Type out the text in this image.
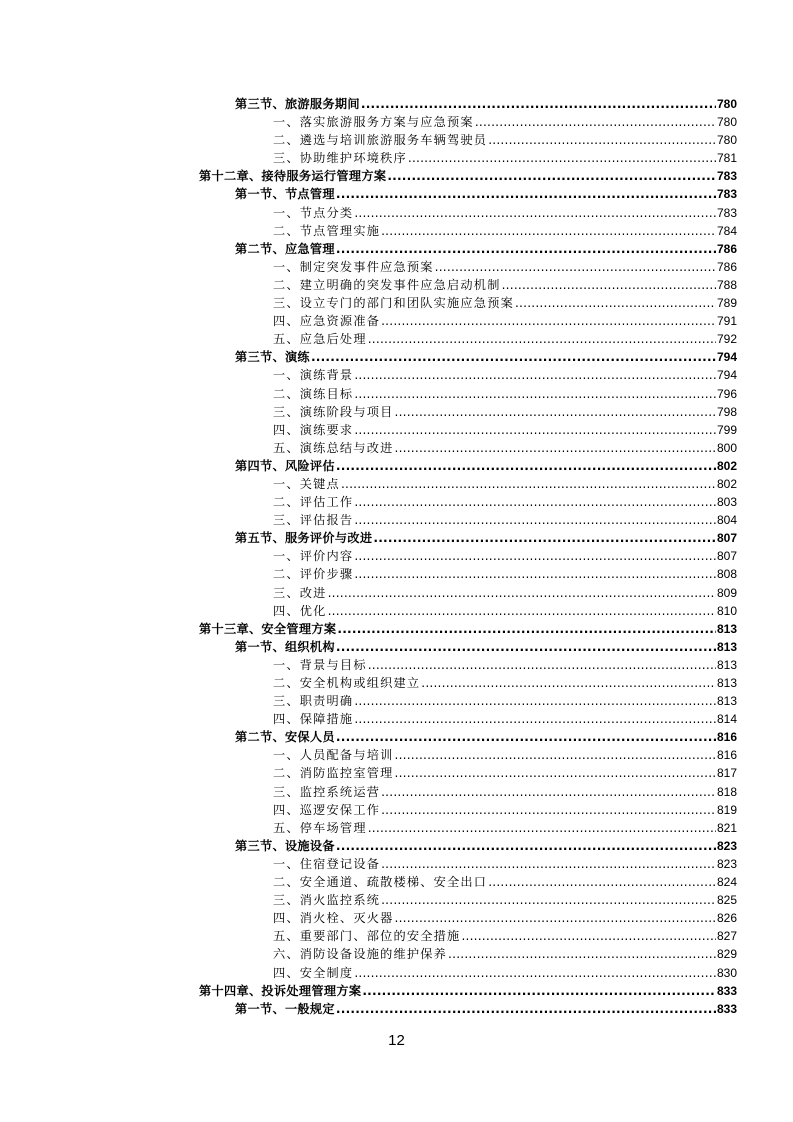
第三节、旅游服务期间 .....	780
一、落实旅游服务方案与应急预案 .....	780
二、遴选与培训旅游服务车辆驾驶员 .....	780
三、协助维护环境秩序 .....	781
第十二章、接待服务运行管理方案 .....	783
第一节、节点管理 .....	783
一、节点分类 .....	783
二、节点管理实施 .....	784
第二节、应急管理 .....	786
一、制定突发事件应急预案 .....	786
二、建立明确的突发事件应急启动机制 .....	788
三、设立专门的部门和团队实施应急预案 .....	789
四、应急资源准备 .....	791
五、应急后处理 .....	792
第三节、演练 .....	794
一、演练背景 .....	794
二、演练目标 .....	796
三、演练阶段与项目 .....	798
四、演练要求 .....	799
五、演练总结与改进 .....	800
第四节、风险评估 .....	802
一、关键点 .....	802
二、评估工作 .....	803
三、评估报告 .....	804
第五节、服务评价与改进 .....	807
一、评价内容 .....	807
二、评价步骤 .....	808
三、改进 .....	809
四、优化 .....	810
第十三章、安全管理方案 .....	813
第一节、组织机构 .....	813
一、背景与目标 .....	813
二、安全机构或组织建立 .....	813
三、职责明确 .....	813
四、保障措施 .....	814
第二节、安保人员 .....	816
一、人员配备与培训 .....	816
二、消防监控室管理 .....	817
三、监控系统运营 .....	818
四、巡逻安保工作 .....	819
五、停车场管理 .....	821
第三节、设施设备 .....	823
一、住宿登记设备 .....	823
二、安全通道、疏散楼梯、安全出口 .....	824
三、消火监控系统 .....	825
四、消火栓、灭火器 .....	826
五、重要部门、部位的安全措施 .....	827
六、消防设备设施的维护保养 .....	829
四、安全制度 .....	830
第十四章、投诉处理管理方案 .....	833
第一节、一般规定 .....	833
12
